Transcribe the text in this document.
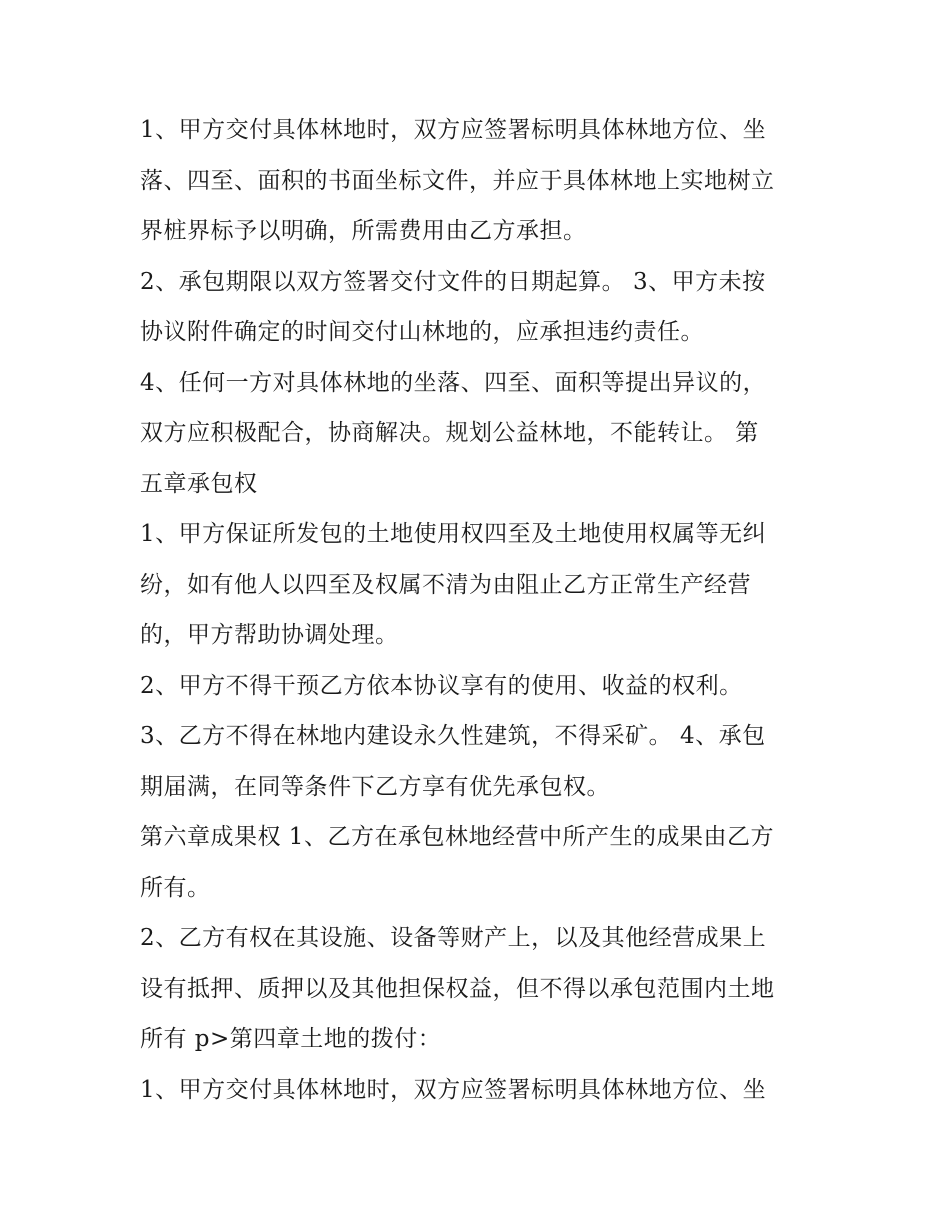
1、甲方交付具体林地时，双方应签署标明具体林地方位、坐
落、四至、面积的书面坐标文件，并应于具体林地上实地树立
界桩界标予以明确，所需费用由乙方承担。
2、承包期限以双方签署交付文件的日期起算。 3、甲方未按
协议附件确定的时间交付山林地的，应承担违约责任。
4、任何一方对具体林地的坐落、四至、面积等提出异议的，
双方应积极配合，协商解决。规划公益林地，不能转让。 第
五章承包权
1、甲方保证所发包的土地使用权四至及土地使用权属等无纠
纷，如有他人以四至及权属不清为由阻止乙方正常生产经营
的，甲方帮助协调处理。
2、甲方不得干预乙方依本协议享有的使用、收益的权利。
3、乙方不得在林地内建设永久性建筑，不得采矿。 4、承包
期届满，在同等条件下乙方享有优先承包权。
第六章成果权 1、乙方在承包林地经营中所产生的成果由乙方
所有。
2、乙方有权在其设施、设备等财产上，以及其他经营成果上
设有抵押、质押以及其他担保权益，但不得以承包范围内土地
所有 p>第四章土地的拨付：
1、甲方交付具体林地时，双方应签署标明具体林地方位、坐
